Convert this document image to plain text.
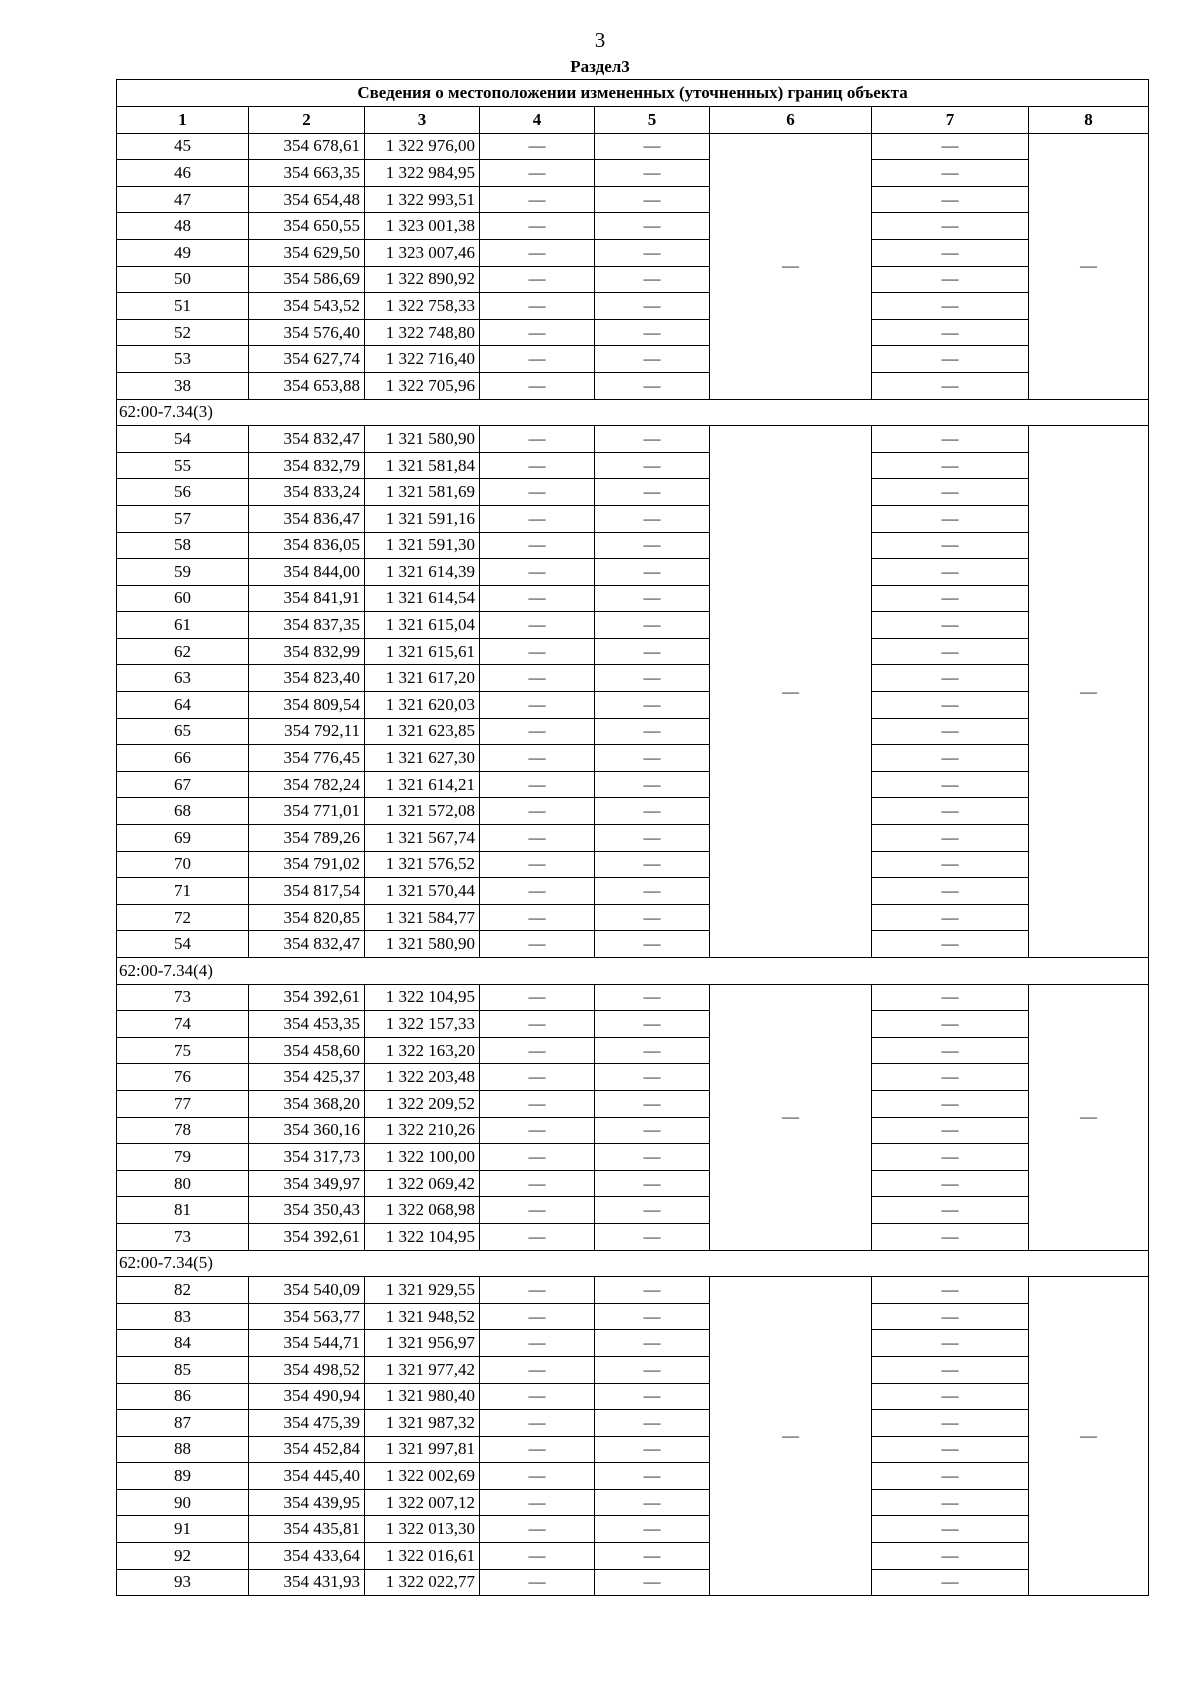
3
Раздел3
Сведения о местоположении измененных (уточненных) границ объекта							
1	2	3	4	5	6	7	8
45	354 678,61	1 322 976,00	—	—	—	—	—
46	354 663,35	1 322 984,95	—	—		—	
47	354 654,48	1 322 993,51	—	—		—	
48	354 650,55	1 323 001,38	—	—		—	
49	354 629,50	1 323 007,46	—	—		—	
50	354 586,69	1 322 890,92	—	—		—	
51	354 543,52	1 322 758,33	—	—		—	
52	354 576,40	1 322 748,80	—	—		—	
53	354 627,74	1 322 716,40	—	—		—	
38	354 653,88	1 322 705,96	—	—		—	
62:00-7.34(3)							
54	354 832,47	1 321 580,90	—	—	—	—	—
55	354 832,79	1 321 581,84	—	—		—	
56	354 833,24	1 321 581,69	—	—		—	
57	354 836,47	1 321 591,16	—	—		—	
58	354 836,05	1 321 591,30	—	—		—	
59	354 844,00	1 321 614,39	—	—		—	
60	354 841,91	1 321 614,54	—	—		—	
61	354 837,35	1 321 615,04	—	—		—	
62	354 832,99	1 321 615,61	—	—		—	
63	354 823,40	1 321 617,20	—	—		—	
64	354 809,54	1 321 620,03	—	—		—	
65	354 792,11	1 321 623,85	—	—		—	
66	354 776,45	1 321 627,30	—	—		—	
67	354 782,24	1 321 614,21	—	—		—	
68	354 771,01	1 321 572,08	—	—		—	
69	354 789,26	1 321 567,74	—	—		—	
70	354 791,02	1 321 576,52	—	—		—	
71	354 817,54	1 321 570,44	—	—		—	
72	354 820,85	1 321 584,77	—	—		—	
54	354 832,47	1 321 580,90	—	—		—	
62:00-7.34(4)							
73	354 392,61	1 322 104,95	—	—	—	—	—
74	354 453,35	1 322 157,33	—	—		—	
75	354 458,60	1 322 163,20	—	—		—	
76	354 425,37	1 322 203,48	—	—		—	
77	354 368,20	1 322 209,52	—	—		—	
78	354 360,16	1 322 210,26	—	—		—	
79	354 317,73	1 322 100,00	—	—		—	
80	354 349,97	1 322 069,42	—	—		—	
81	354 350,43	1 322 068,98	—	—		—	
73	354 392,61	1 322 104,95	—	—		—	
62:00-7.34(5)							
82	354 540,09	1 321 929,55	—	—	—	—	—
83	354 563,77	1 321 948,52	—	—		—	
84	354 544,71	1 321 956,97	—	—		—	
85	354 498,52	1 321 977,42	—	—		—	
86	354 490,94	1 321 980,40	—	—		—	
87	354 475,39	1 321 987,32	—	—		—	
88	354 452,84	1 321 997,81	—	—		—	
89	354 445,40	1 322 002,69	—	—		—	
90	354 439,95	1 322 007,12	—	—		—	
91	354 435,81	1 322 013,30	—	—		—	
92	354 433,64	1 322 016,61	—	—		—	
93	354 431,93	1 322 022,77	—	—		—	
